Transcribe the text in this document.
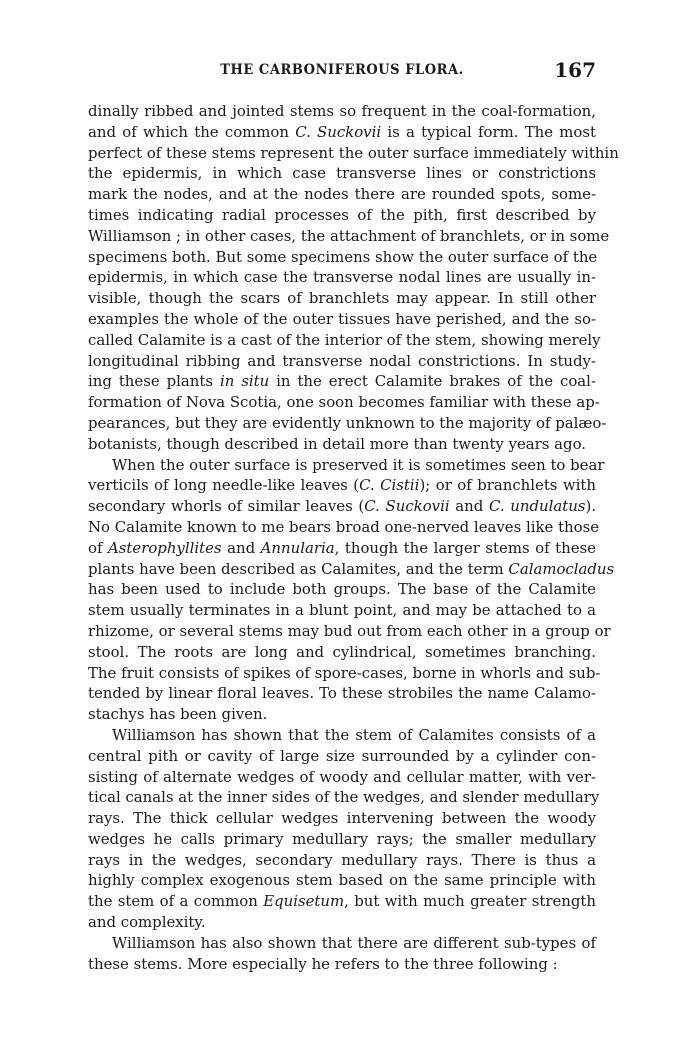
THE CARBONIFEROUS FLORA.	167
dinally ribbed and jointed stems so frequent in the coal-formation,
and of which the common C. Suckovii is a typical form. The most
perfect of these stems represent the outer surface immediately within
the epidermis, in which case transverse lines or constrictions
mark the nodes, and at the nodes there are rounded spots, some-
times indicating radial processes of the pith, first described by
Williamson ; in other cases, the attachment of branchlets, or in some
specimens both. But some specimens show the outer surface of the
epidermis, in which case the transverse nodal lines are usually in-
visible, though the scars of branchlets may appear. In still other
examples the whole of the outer tissues have perished, and the so-
called Calamite is a cast of the interior of the stem, showing merely
longitudinal ribbing and transverse nodal constrictions. In study-
ing these plants in situ in the erect Calamite brakes of the coal-
formation of Nova Scotia, one soon becomes familiar with these ap-
pearances, but they are evidently unknown to the majority of palæo-
botanists, though described in detail more than twenty years ago.
When the outer surface is preserved it is sometimes seen to bear
verticils of long needle-like leaves (C. Cistii); or of branchlets with
secondary whorls of similar leaves (C. Suckovii and C. undulatus).
No Calamite known to me bears broad one-nerved leaves like those
of Asterophyllites and Annularia, though the larger stems of these
plants have been described as Calamites, and the term Calamocladus
has been used to include both groups. The base of the Calamite
stem usually terminates in a blunt point, and may be attached to a
rhizome, or several stems may bud out from each other in a group or
stool. The roots are long and cylindrical, sometimes branching.
The fruit consists of spikes of spore-cases, borne in whorls and sub-
tended by linear floral leaves. To these strobiles the name Calamo-
stachys has been given.
Williamson has shown that the stem of Calamites consists of a
central pith or cavity of large size surrounded by a cylinder con-
sisting of alternate wedges of woody and cellular matter, with ver-
tical canals at the inner sides of the wedges, and slender medullary
rays. The thick cellular wedges intervening between the woody
wedges he calls primary medullary rays; the smaller medullary
rays in the wedges, secondary medullary rays. There is thus a
highly complex exogenous stem based on the same principle with
the stem of a common Equisetum, but with much greater strength
and complexity.
Williamson has also shown that there are different sub-types of
these stems. More especially he refers to the three following :
